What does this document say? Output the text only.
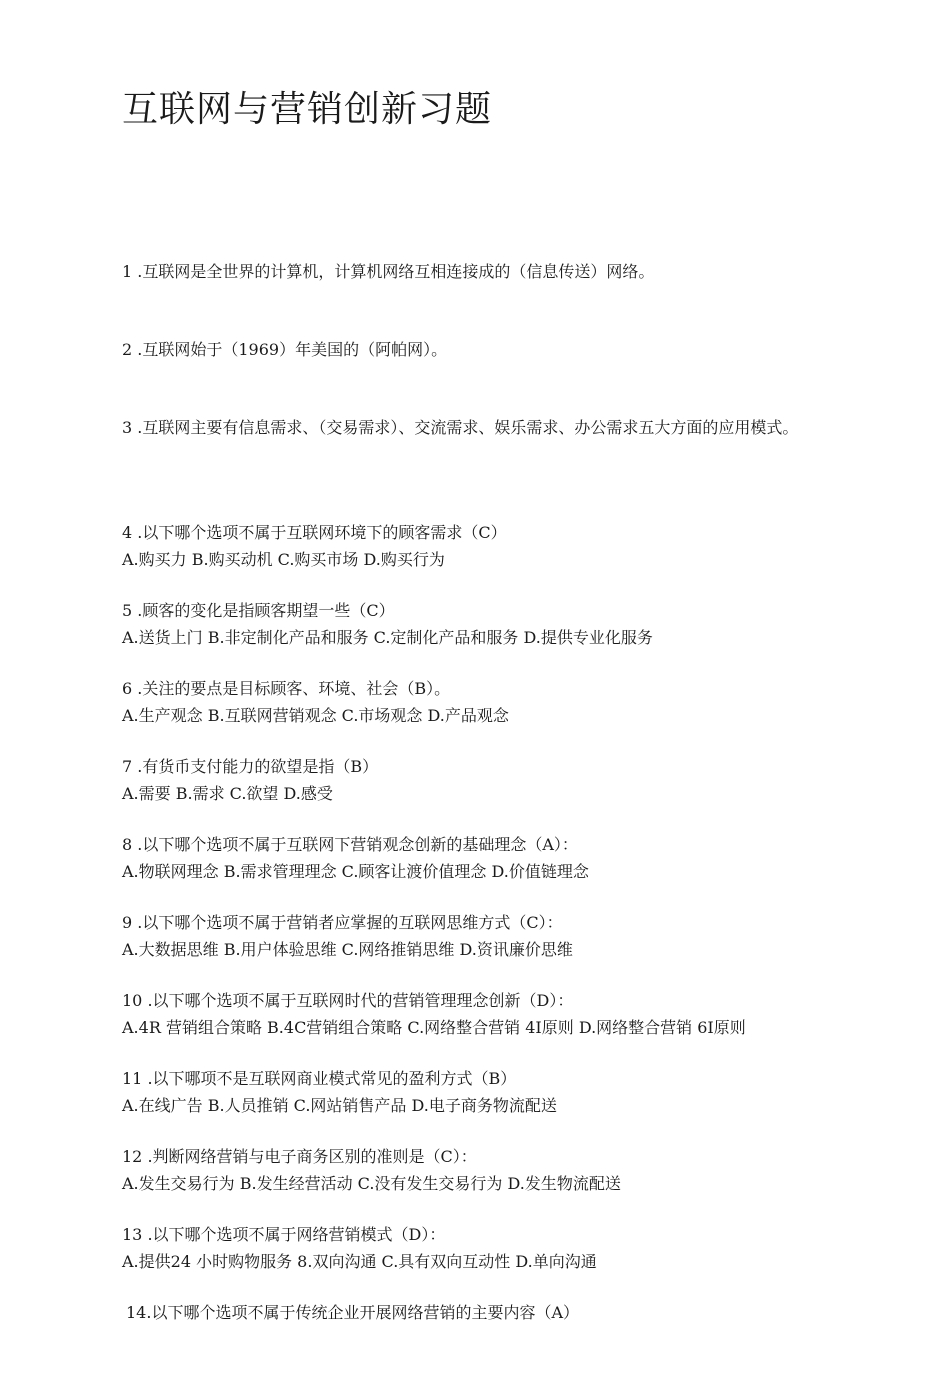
互联网与营销创新习题
1 .互联网是全世界的计算机，计算机网络互相连接成的（信息传送）网络。
2 .互联网始于（1969）年美国的（阿帕网）。
3 .互联网主要有信息需求、（交易需求）、交流需求、娱乐需求、办公需求五大方面的应用模式。
4 .以下哪个选项不属于互联网环境下的顾客需求（C）
A.购买力 B.购买动机 C.购买市场 D.购买行为
5 .顾客的变化是指顾客期望一些（C）
A.送货上门 B.非定制化产品和服务 C.定制化产品和服务 D.提供专业化服务
6 .关注的要点是目标顾客、环境、社会（B）。
A.生产观念 B.互联网营销观念 C.市场观念 D.产品观念
7 .有货币支付能力的欲望是指（B）
A.需要 B.需求 C.欲望 D.感受
8 .以下哪个选项不属于互联网下营销观念创新的基础理念（A）：
A.物联网理念 B.需求管理理念 C.顾客让渡价值理念 D.价值链理念
9 .以下哪个选项不属于营销者应掌握的互联网思维方式（C）：
A.大数据思维 B.用户体验思维 C.网络推销思维 D.资讯廉价思维
10 .以下哪个选项不属于互联网时代的营销管理理念创新（D）：
A.4R 营销组合策略 B.4C营销组合策略 C.网络整合营销 4I原则 D.网络整合营销 6I原则
11 .以下哪项不是互联网商业模式常见的盈利方式（B）
A.在线广告 B.人员推销 C.网站销售产品 D.电子商务物流配送
12 .判断网络营销与电子商务区别的准则是（C）：
A.发生交易行为 B.发生经营活动 C.没有发生交易行为 D.发生物流配送
13 .以下哪个选项不属于网络营销模式（D）：
A.提供24 小时购物服务 8.双向沟通 C.具有双向互动性 D.单向沟通
14.以下哪个选项不属于传统企业开展网络营销的主要内容（A）
